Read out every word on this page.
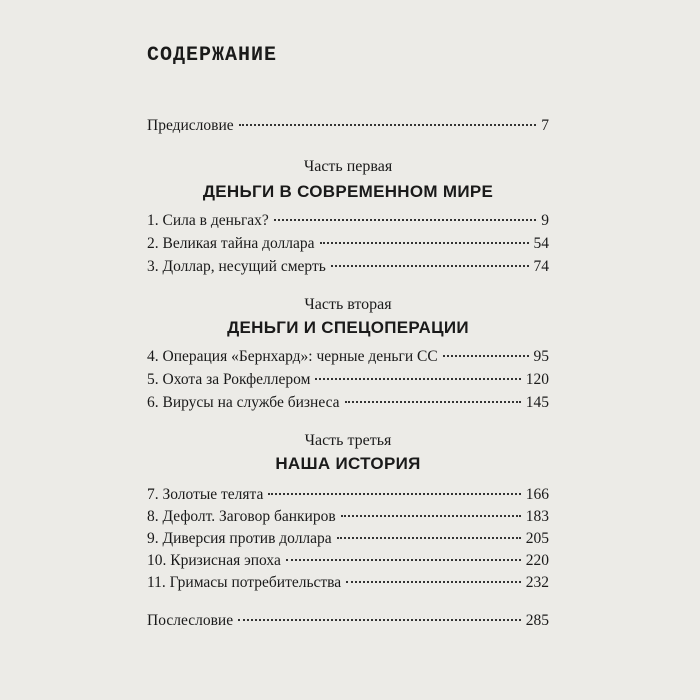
СОДЕРЖАНИЕ
Предисловие	7
Часть первая
ДЕНЬГИ В СОВРЕМЕННОМ МИРЕ
1. Сила в деньгах?	9
2. Великая тайна доллара	54
3. Доллар, несущий смерть	74
Часть вторая
ДЕНЬГИ И СПЕЦОПЕРАЦИИ
4. Операция «Бернхард»: черные деньги СС	95
5. Охота за Рокфеллером	120
6. Вирусы на службе бизнеса	145
Часть третья
НАША ИСТОРИЯ
7. Золотые телята	166
8. Дефолт. Заговор банкиров	183
9. Диверсия против доллара	205
10. Кризисная эпоха	220
11. Гримасы потребительства	232
Послесловие	285
